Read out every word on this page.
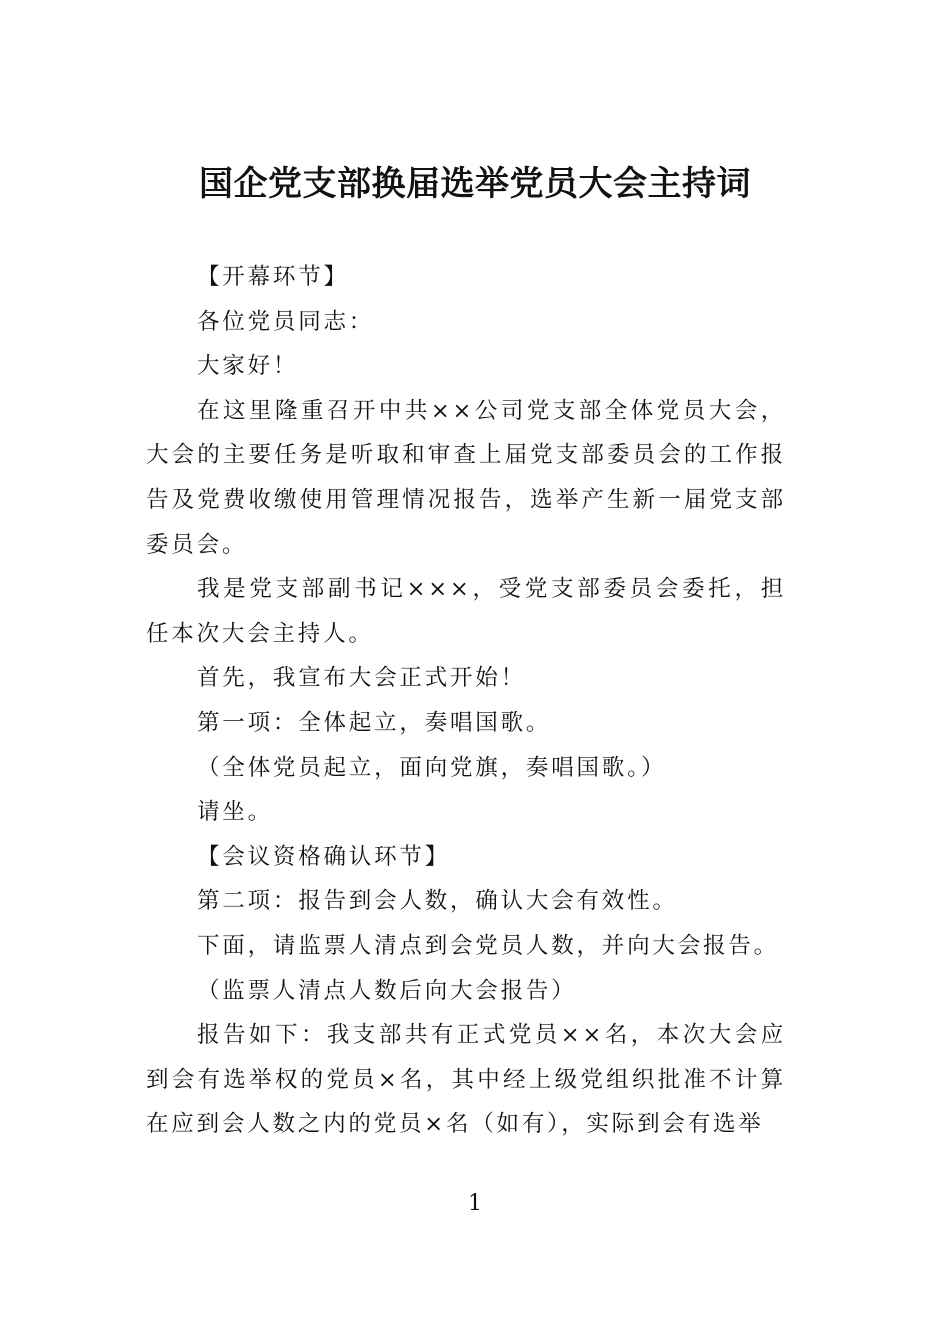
国企党支部换届选举党员大会主持词

【开幕环节】

各位党员同志：

大家好！

在这里隆重召开中共××公司党支部全体党员大会，大会的主要任务是听取和审查上届党支部委员会的工作报告及党费收缴使用管理情况报告，选举产生新一届党支部委员会。

我是党支部副书记×××，受党支部委员会委托，担任本次大会主持人。

首先，我宣布大会正式开始！

第一项：全体起立，奏唱国歌。

（全体党员起立，面向党旗，奏唱国歌。）

请坐。

【会议资格确认环节】

第二项：报告到会人数，确认大会有效性。

下面，请监票人清点到会党员人数，并向大会报告。

（监票人清点人数后向大会报告）

报告如下：我支部共有正式党员××名，本次大会应到会有选举权的党员×名，其中经上级党组织批准不计算在应到会人数之内的党员×名（如有），实际到会有选举

1
